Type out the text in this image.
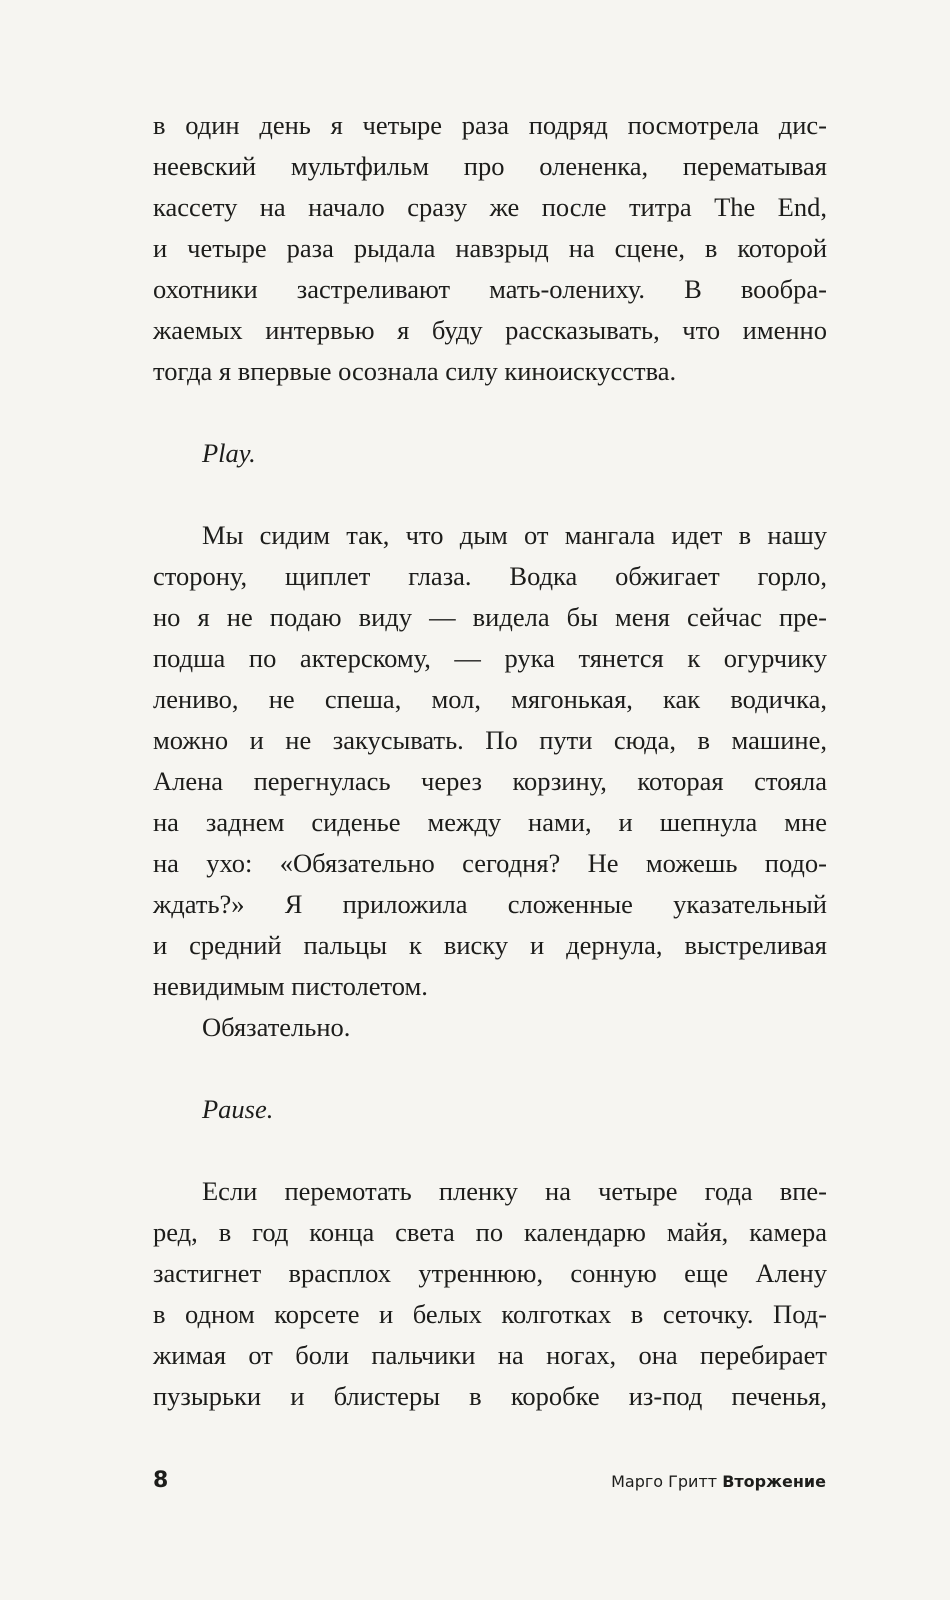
в один день я четыре раза подряд посмотрела дис-
неевский мультфильм про олененка, перематывая
кассету на начало сразу же после титра The End,
и четыре раза рыдала навзрыд на сцене, в которой
охотники застреливают мать-олениху. В вообра-
жаемых интервью я буду рассказывать, что именно
тогда я впервые осознала силу киноискусства.
Play.
Мы сидим так, что дым от мангала идет в нашу
сторону, щиплет глаза. Водка обжигает горло,
но я не подаю виду — видела бы меня сейчас пре-
подша по актерскому, — рука тянется к огурчику
лениво, не спеша, мол, мягонькая, как водичка,
можно и не закусывать. По пути сюда, в машине,
Алена перегнулась через корзину, которая стояла
на заднем сиденье между нами, и шепнула мне
на ухо: «Обязательно сегодня? Не можешь подо-
ждать?» Я приложила сложенные указательный
и средний пальцы к виску и дернула, выстреливая
невидимым пистолетом.
Обязательно.
Pause.
Если перемотать пленку на четыре года впе-
ред, в год конца света по календарю майя, камера
застигнет врасплох утреннюю, сонную еще Алену
в одном корсете и белых колготках в сеточку. Под-
жимая от боли пальчики на ногах, она перебирает
пузырьки и блистеры в коробке из-под печенья,
8	Марго Гритт Вторжение
